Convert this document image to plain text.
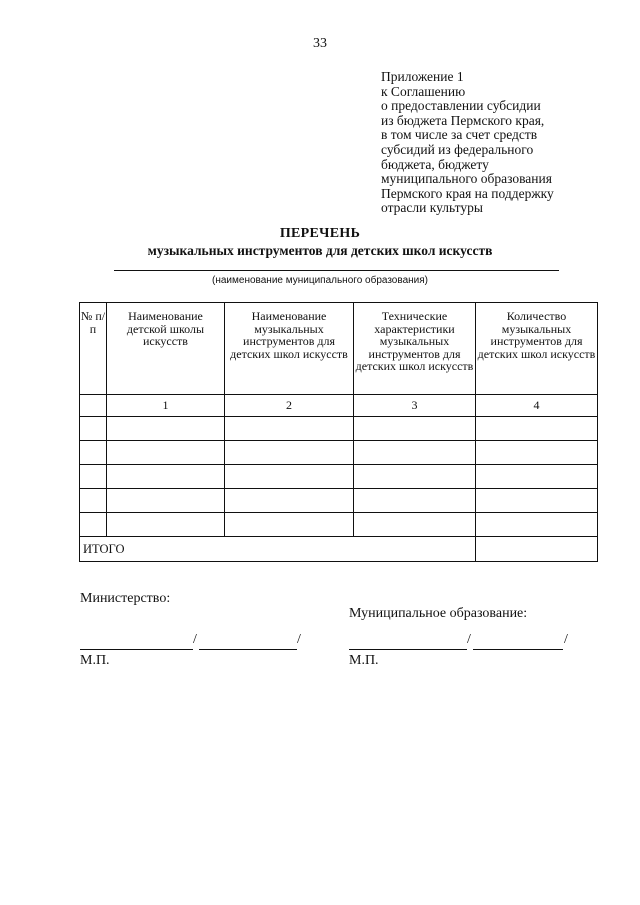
33
Приложение 1
к Соглашению
о предоставлении субсидии
из бюджета Пермского края,
в том числе за счет средств
субсидий из федерального
бюджета, бюджету
муниципального образования
Пермского края на поддержку
отрасли культуры
ПЕРЕЧЕНЬ
музыкальных инструментов для детских школ искусств
(наименование муниципального образования)
№ п/п	Наименование детской школы искусств	Наименование музыкальных инструментов для детских школ искусств	Технические характеристики музыкальных инструментов для детских школ искусств	Количество музыкальных инструментов для детских школ искусств
	1	2	3	4

ИТОГО				
Министерство:
Муниципальное образование:
/	/	/	/
М.П.	М.П.
